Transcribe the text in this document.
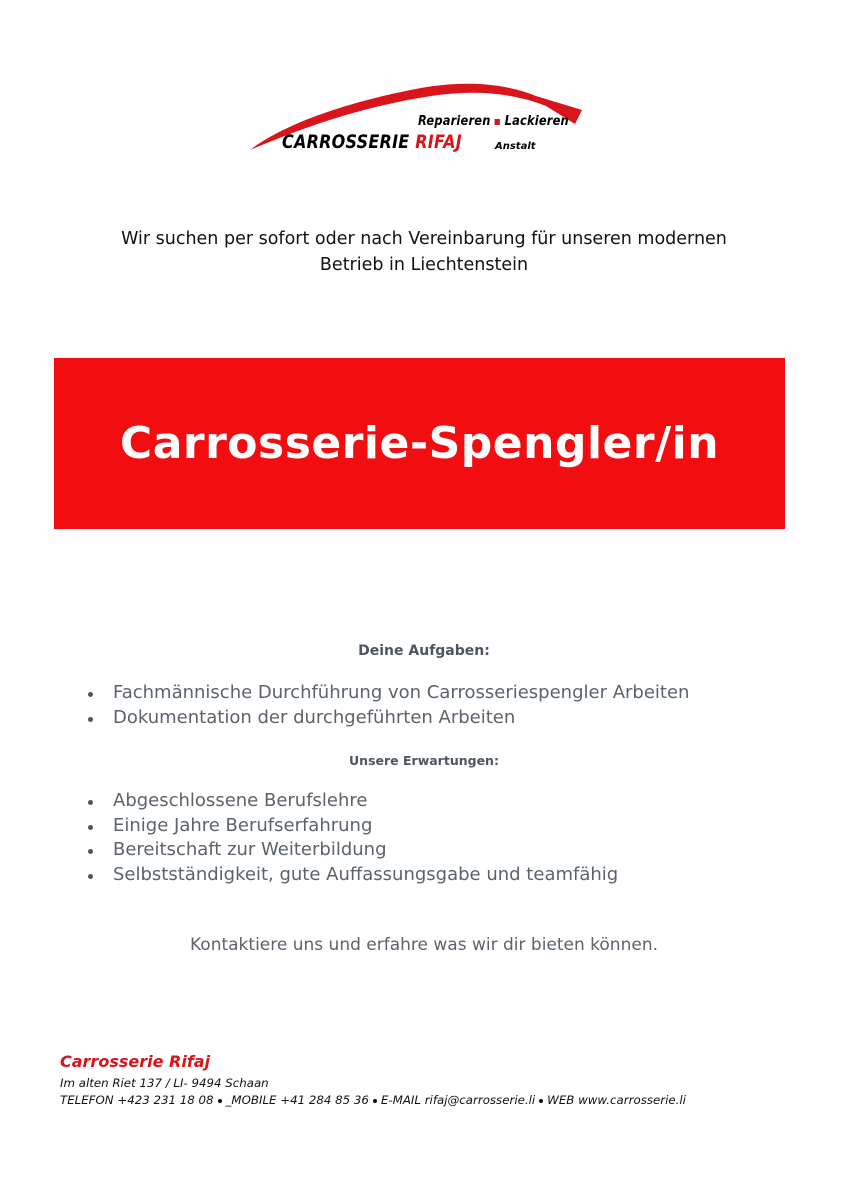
Reparieren Lackieren
CARROSSERIE RIFAJ	Anstalt
Wir suchen per sofort oder nach Vereinbarung für unseren modernen
Betrieb in Liechtenstein
Carrosserie-Spengler/in
Deine Aufgaben:
Fachmännische Durchführung von Carrosseriespengler Arbeiten
Dokumentation der durchgeführten Arbeiten
Unsere Erwartungen:
Abgeschlossene Berufslehre
Einige Jahre Berufserfahrung
Bereitschaft zur Weiterbildung
Selbstständigkeit, gute Auffassungsgabe und teamfähig
Kontaktiere uns und erfahre was wir dir bieten können.
Carrosserie Rifaj
Im alten Riet 137 / LI- 9494 Schaan
TELEFON +423 231 18 08 _MOBILE +41 284 85 36 E-MAIL rifaj@carrosserie.li WEB www.carrosserie.li
